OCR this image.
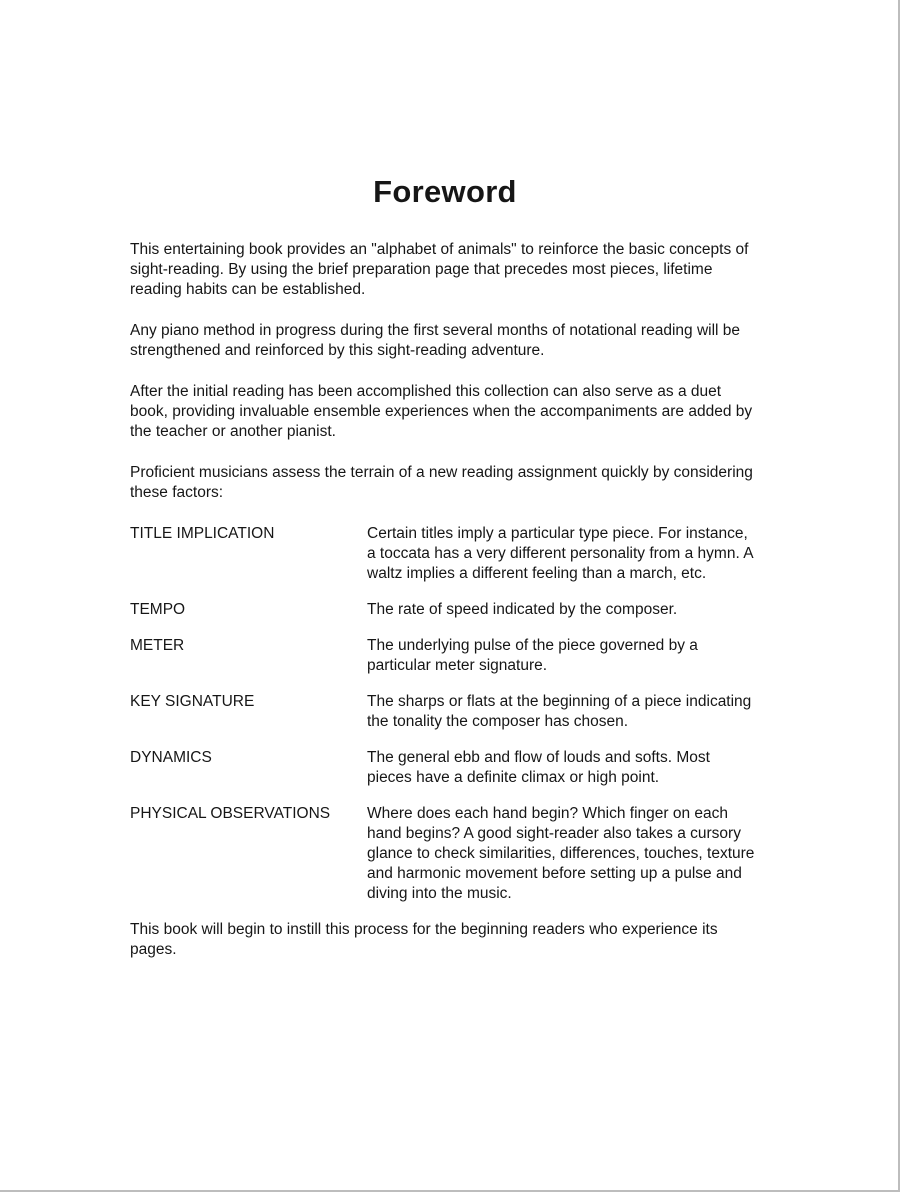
Foreword

This entertaining book provides an "alphabet of animals" to reinforce the basic concepts of sight-reading. By using the brief preparation page that precedes most pieces, lifetime reading habits can be established.

Any piano method in progress during the first several months of notational reading will be strengthened and reinforced by this sight-reading adventure.

After the initial reading has been accomplished this collection can also serve as a duet book, providing invaluable ensemble experiences when the accompaniments are added by the teacher or another pianist.

Proficient musicians assess the terrain of a new reading assignment quickly by considering these factors:

TITLE IMPLICATION	Certain titles imply a particular type piece. For instance, a toccata has a very different personality from a hymn. A waltz implies a different feeling than a march, etc.
TEMPO	The rate of speed indicated by the composer.
METER	The underlying pulse of the piece governed by a particular meter signature.
KEY SIGNATURE	The sharps or flats at the beginning of a piece indicating the tonality the composer has chosen.
DYNAMICS	The general ebb and flow of louds and softs. Most pieces have a definite climax or high point.
PHYSICAL OBSERVATIONS	Where does each hand begin? Which finger on each hand begins? A good sight-reader also takes a cursory glance to check similarities, differences, touches, texture and harmonic movement before setting up a pulse and diving into the music.

This book will begin to instill this process for the beginning readers who experience its pages.
